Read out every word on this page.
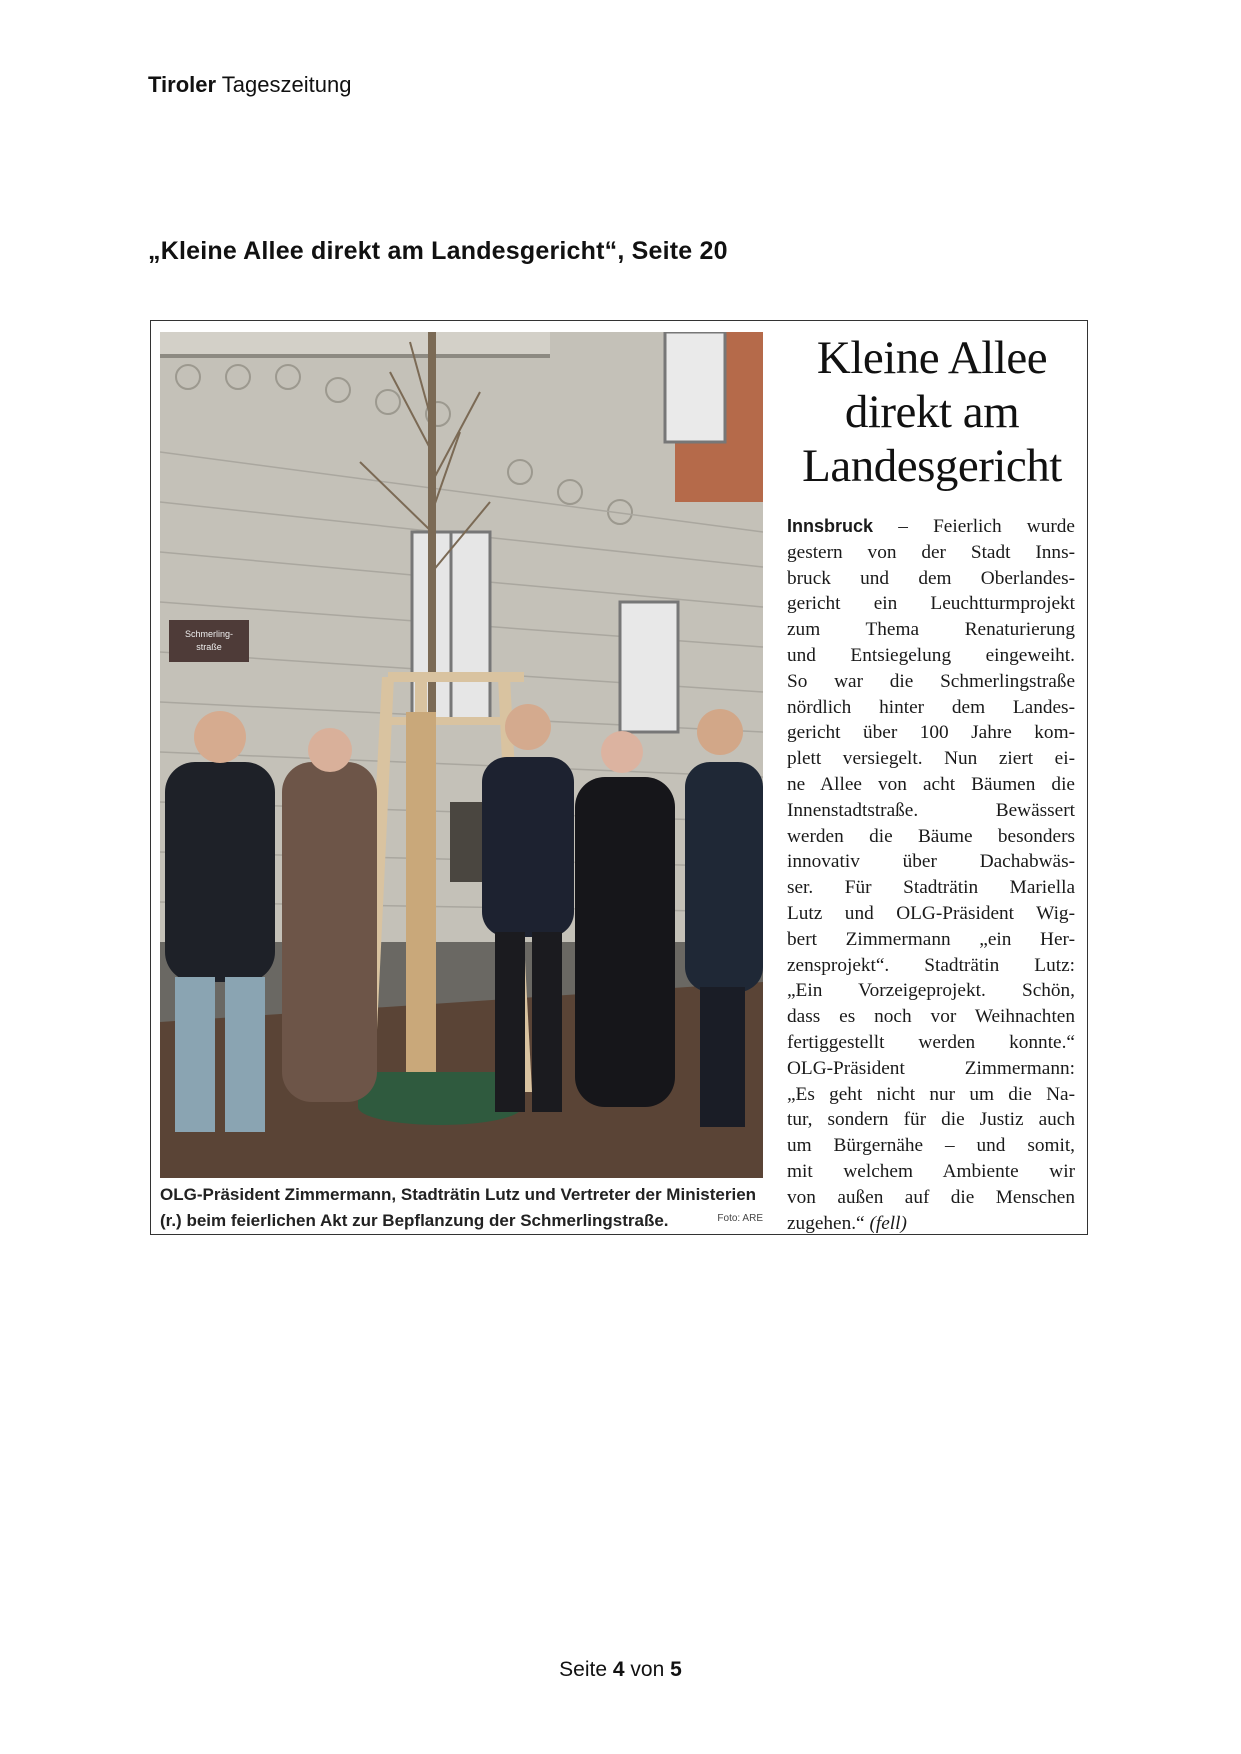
Tiroler Tageszeitung
„Kleine Allee direkt am Landesgericht“, Seite 20
Schmerling-
straße
OLG-Präsident Zimmermann, Stadträtin Lutz und Vertreter der Ministerien
(r.) beim feierlichen Akt zur Bepflanzung der Schmerlingstraße.	Foto: ARE
Kleine Allee
direkt am
Landesgericht
Innsbruck – Feierlich wurde
gestern von der Stadt Inns-
bruck und dem Oberlandes-
gericht ein Leuchtturmprojekt
zum Thema Renaturierung
und Entsiegelung eingeweiht.
So war die Schmerlingstraße
nördlich hinter dem Landes-
gericht über 100 Jahre kom-
plett versiegelt. Nun ziert ei-
ne Allee von acht Bäumen die
Innenstadtstraße. Bewässert
werden die Bäume besonders
innovativ über Dachabwäs-
ser. Für Stadträtin Mariella
Lutz und OLG-Präsident Wig-
bert Zimmermann „ein Her-
zensprojekt“. Stadträtin Lutz:
„Ein Vorzeigeprojekt. Schön,
dass es noch vor Weihnachten
fertiggestellt werden konnte.“
OLG-Präsident Zimmermann:
„Es geht nicht nur um die Na-
tur, sondern für die Justiz auch
um Bürgernähe – und somit,
mit welchem Ambiente wir
von außen auf die Menschen
zugehen.“ (fell)
Seite 4 von 5
